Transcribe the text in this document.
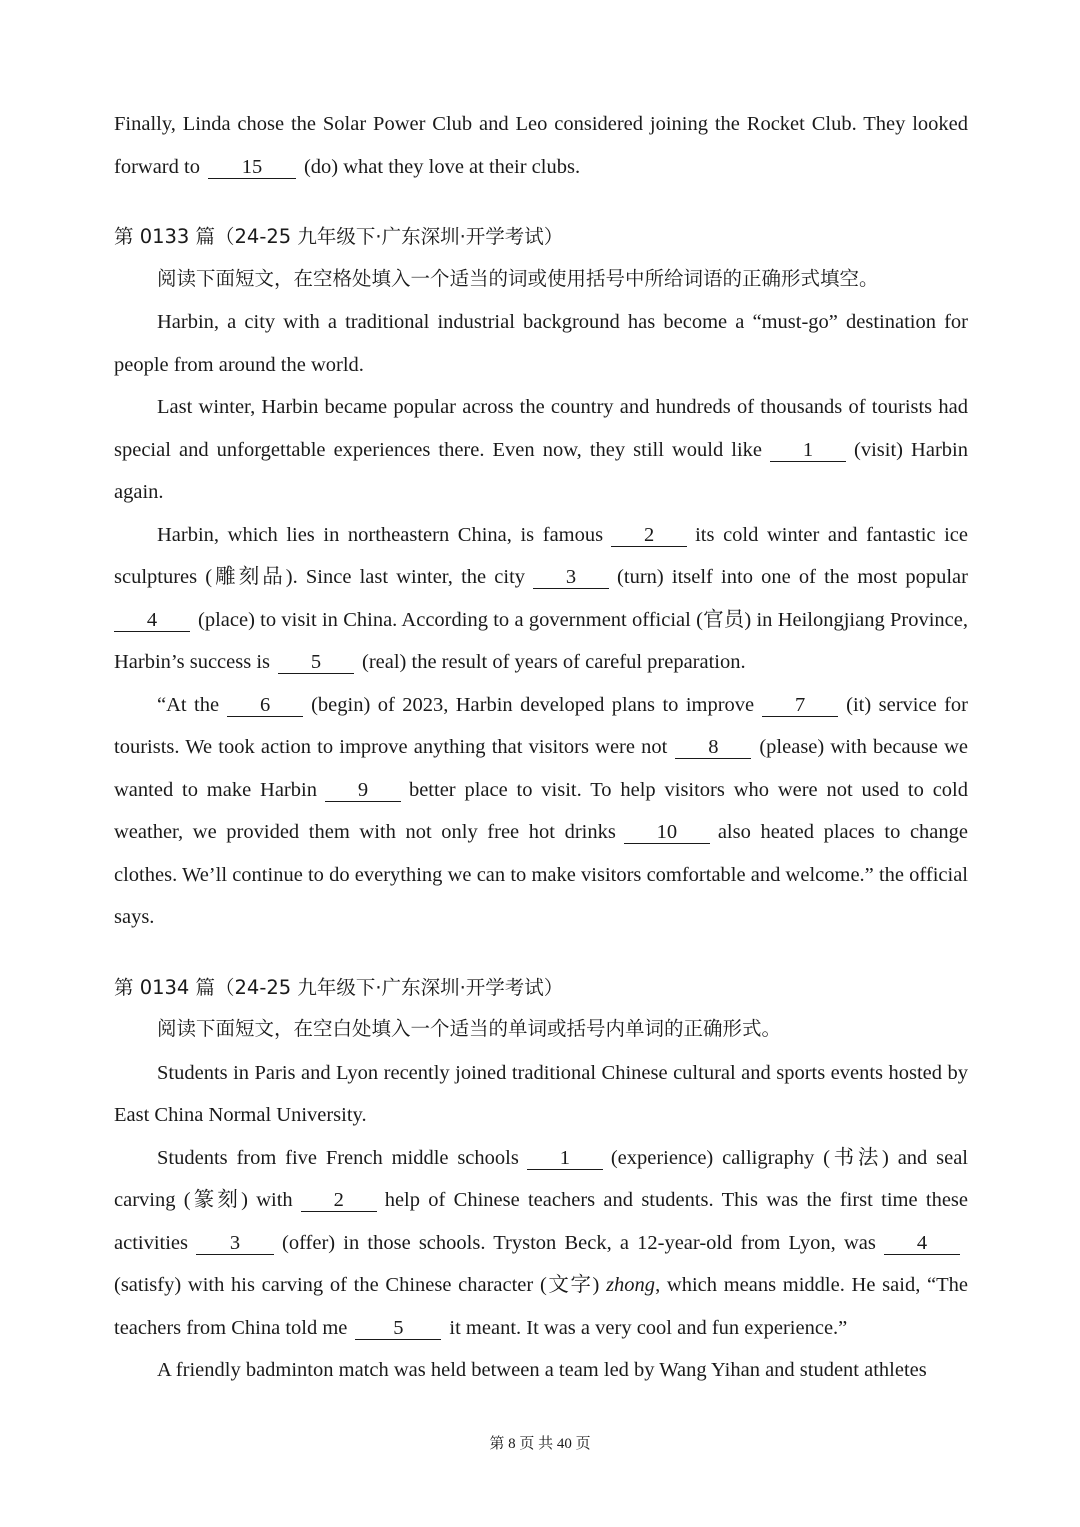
Finally, Linda chose the Solar Power Club and Leo considered joining the Rocket Club. They looked forward to 15 (do) what they love at their clubs.

第 0133 篇（24-25 九年级下·广东深圳·开学考试）

阅读下面短文，在空格处填入一个适当的词或使用括号中所给词语的正确形式填空。

Harbin, a city with a traditional industrial background has become a “must-go” destination for people from around the world.

Last winter, Harbin became popular across the country and hundreds of thousands of tourists had special and unforgettable experiences there. Even now, they still would like 1 (visit) Harbin again.

Harbin, which lies in northeastern China, is famous 2 its cold winter and fantastic ice sculptures (雕刻品). Since last winter, the city 3 (turn) itself into one of the most popular 4 (place) to visit in China. According to a government official (官员) in Heilongjiang Province, Harbin’s success is 5 (real) the result of years of careful preparation.

“At the 6 (begin) of 2023, Harbin developed plans to improve 7 (it) service for tourists. We took action to improve anything that visitors were not 8 (please) with because we wanted to make Harbin 9 better place to visit. To help visitors who were not used to cold weather, we provided them with not only free hot drinks 10 also heated places to change clothes. We’ll continue to do everything we can to make visitors comfortable and welcome.” the official says.

第 0134 篇（24-25 九年级下·广东深圳·开学考试）

阅读下面短文，在空白处填入一个适当的单词或括号内单词的正确形式。

Students in Paris and Lyon recently joined traditional Chinese cultural and sports events hosted by East China Normal University.

Students from five French middle schools 1 (experience) calligraphy (书法) and seal carving (篆刻) with 2 help of Chinese teachers and students. This was the first time these activities 3 (offer) in those schools. Tryston Beck, a 12-year-old from Lyon, was 4(satisfy) with his carving of the Chinese character (文字) zhong, which means middle. He said, “The teachers from China told me 5 it meant. It was a very cool and fun experience.”

A friendly badminton match was held between a team led by Wang Yihan and student athletes

第 8 页 共 40 页
